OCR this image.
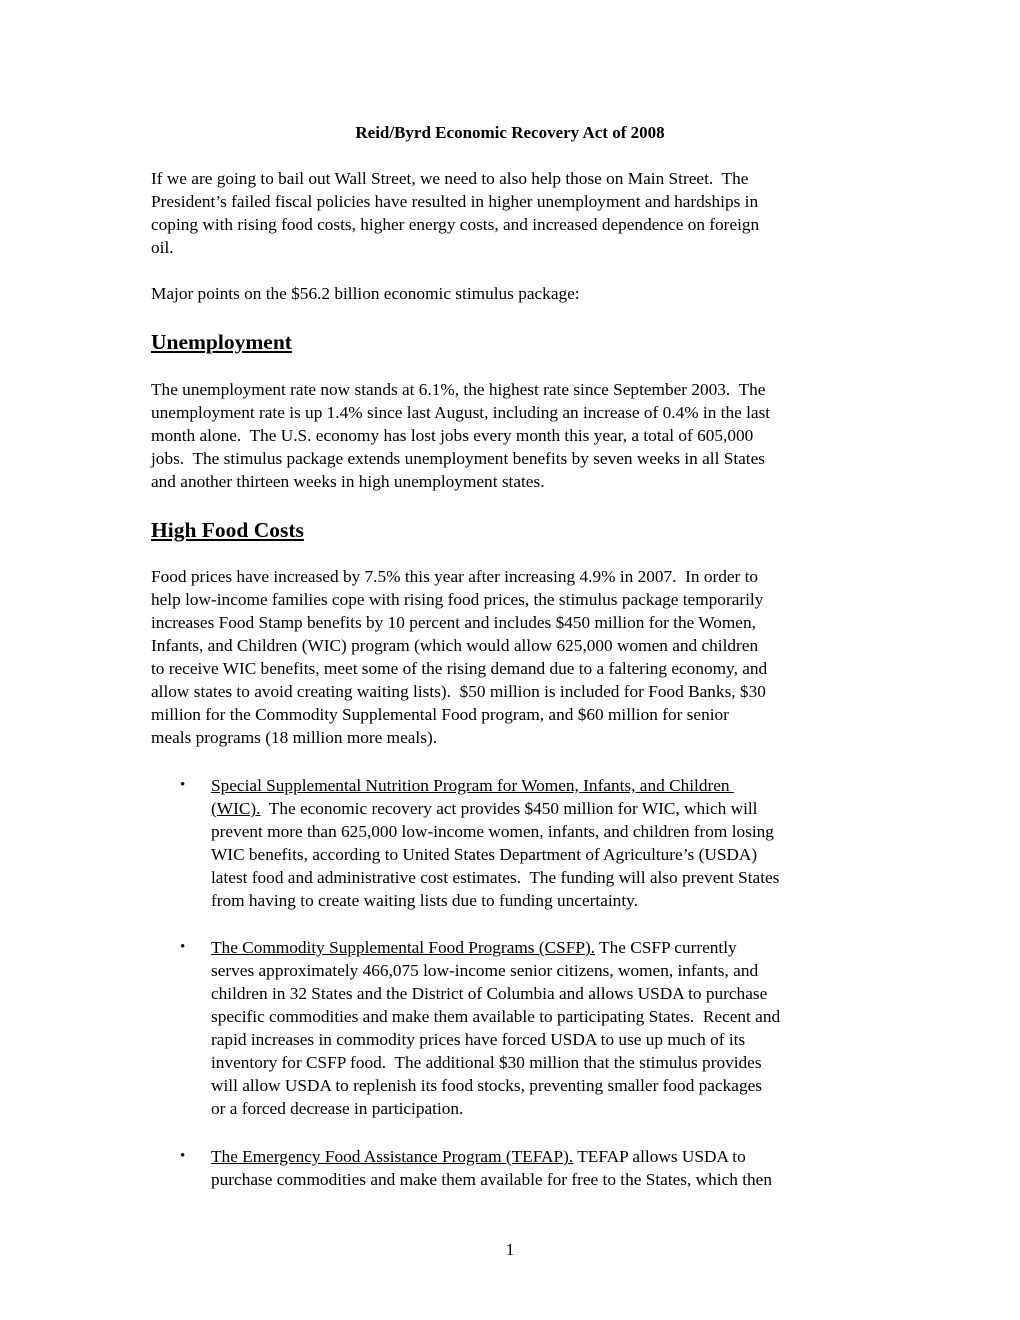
Reid/Byrd Economic Recovery Act of 2008
If we are going to bail out Wall Street, we need to also help those on Main Street.  The
President’s failed fiscal policies have resulted in higher unemployment and hardships in
coping with rising food costs, higher energy costs, and increased dependence on foreign
oil.
Major points on the $56.2 billion economic stimulus package:
Unemployment
The unemployment rate now stands at 6.1%, the highest rate since September 2003.  The
unemployment rate is up 1.4% since last August, including an increase of 0.4% in the last
month alone.  The U.S. economy has lost jobs every month this year, a total of 605,000
jobs.  The stimulus package extends unemployment benefits by seven weeks in all States
and another thirteen weeks in high unemployment states.
High Food Costs
Food prices have increased by 7.5% this year after increasing 4.9% in 2007.  In order to
help low-income families cope with rising food prices, the stimulus package temporarily
increases Food Stamp benefits by 10 percent and includes $450 million for the Women,
Infants, and Children (WIC) program (which would allow 625,000 women and children
to receive WIC benefits, meet some of the rising demand due to a faltering economy, and
allow states to avoid creating waiting lists).  $50 million is included for Food Banks, $30
million for the Commodity Supplemental Food program, and $60 million for senior
meals programs (18 million more meals).
• Special Supplemental Nutrition Program for Women, Infants, and Children
(WIC).  The economic recovery act provides $450 million for WIC, which will
prevent more than 625,000 low-income women, infants, and children from losing
WIC benefits, according to United States Department of Agriculture’s (USDA)
latest food and administrative cost estimates.  The funding will also prevent States
from having to create waiting lists due to funding uncertainty.
• The Commodity Supplemental Food Programs (CSFP). The CSFP currently
serves approximately 466,075 low-income senior citizens, women, infants, and
children in 32 States and the District of Columbia and allows USDA to purchase
specific commodities and make them available to participating States.  Recent and
rapid increases in commodity prices have forced USDA to use up much of its
inventory for CSFP food.  The additional $30 million that the stimulus provides
will allow USDA to replenish its food stocks, preventing smaller food packages
or a forced decrease in participation.
• The Emergency Food Assistance Program (TEFAP). TEFAP allows USDA to
purchase commodities and make them available for free to the States, which then
1
